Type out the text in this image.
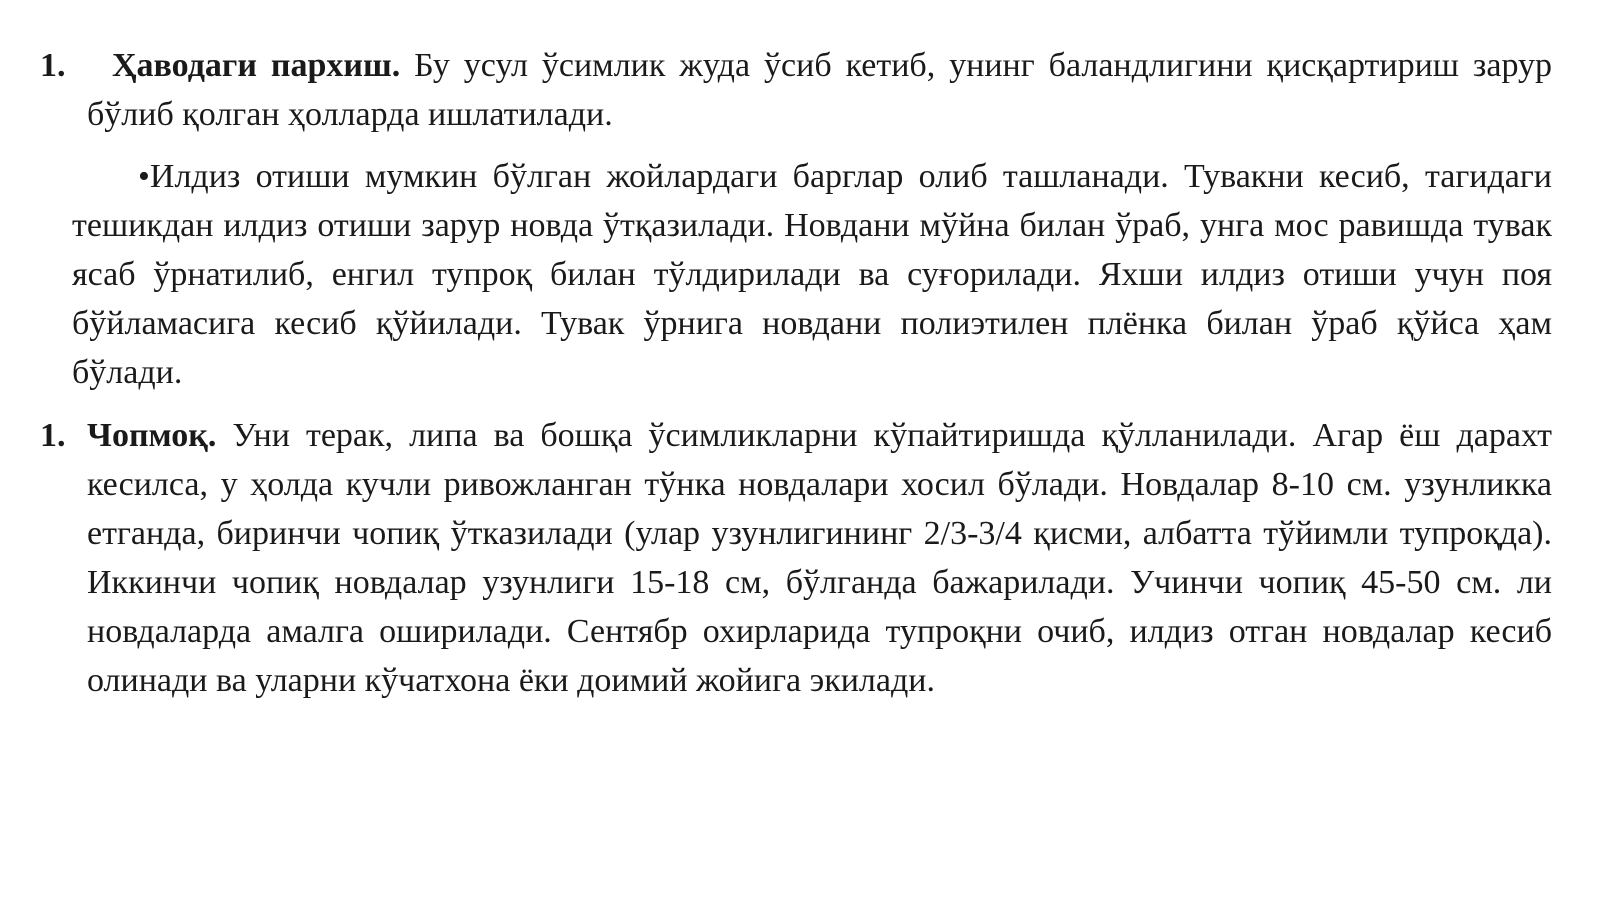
1.	Ҳаводаги пархиш. Бу усул ўсимлик жуда ўсиб кетиб, унинг баландлигини қисқартириш зарур бўлиб қолган ҳолларда ишлатилади.
•Илдиз отиши мумкин бўлган жойлардаги барглар олиб ташланади. Тувакни кесиб, тагидаги тешикдан илдиз отиши зарур новда ўтқазилади. Новдани мўйна билан ўраб, унга мос равишда тувак ясаб ўрнатилиб, енгил тупроқ билан тўлдирилади ва суғорилади. Яхши илдиз отиши учун поя бўйламасига кесиб қўйилади. Тувак ўрнига новдани полиэтилен плёнка билан ўраб қўйса ҳам бўлади.
1. Чопмоқ. Уни терак, липа ва бошқа ўсимликларни кўпайтиришда қўлланилади. Агар ёш дарахт кесилса, у ҳолда кучли ривожланган тўнка новдалари хосил бўлади. Новдалар 8-10 см. узунликка етганда, биринчи чопиқ ўтказилади (улар узунлигининг 2/3-3/4 қисми, албатта тўйимли тупроқда). Иккинчи чопиқ новдалар узунлиги 15-18 см, бўлганда бажарилади. Учинчи чопиқ 45-50 см. ли новдаларда амалга оширилади. Сентябр охирларида тупроқни очиб, илдиз отган новдалар кесиб олинади ва уларни кўчатхона ёки доимий жойига экилади.
